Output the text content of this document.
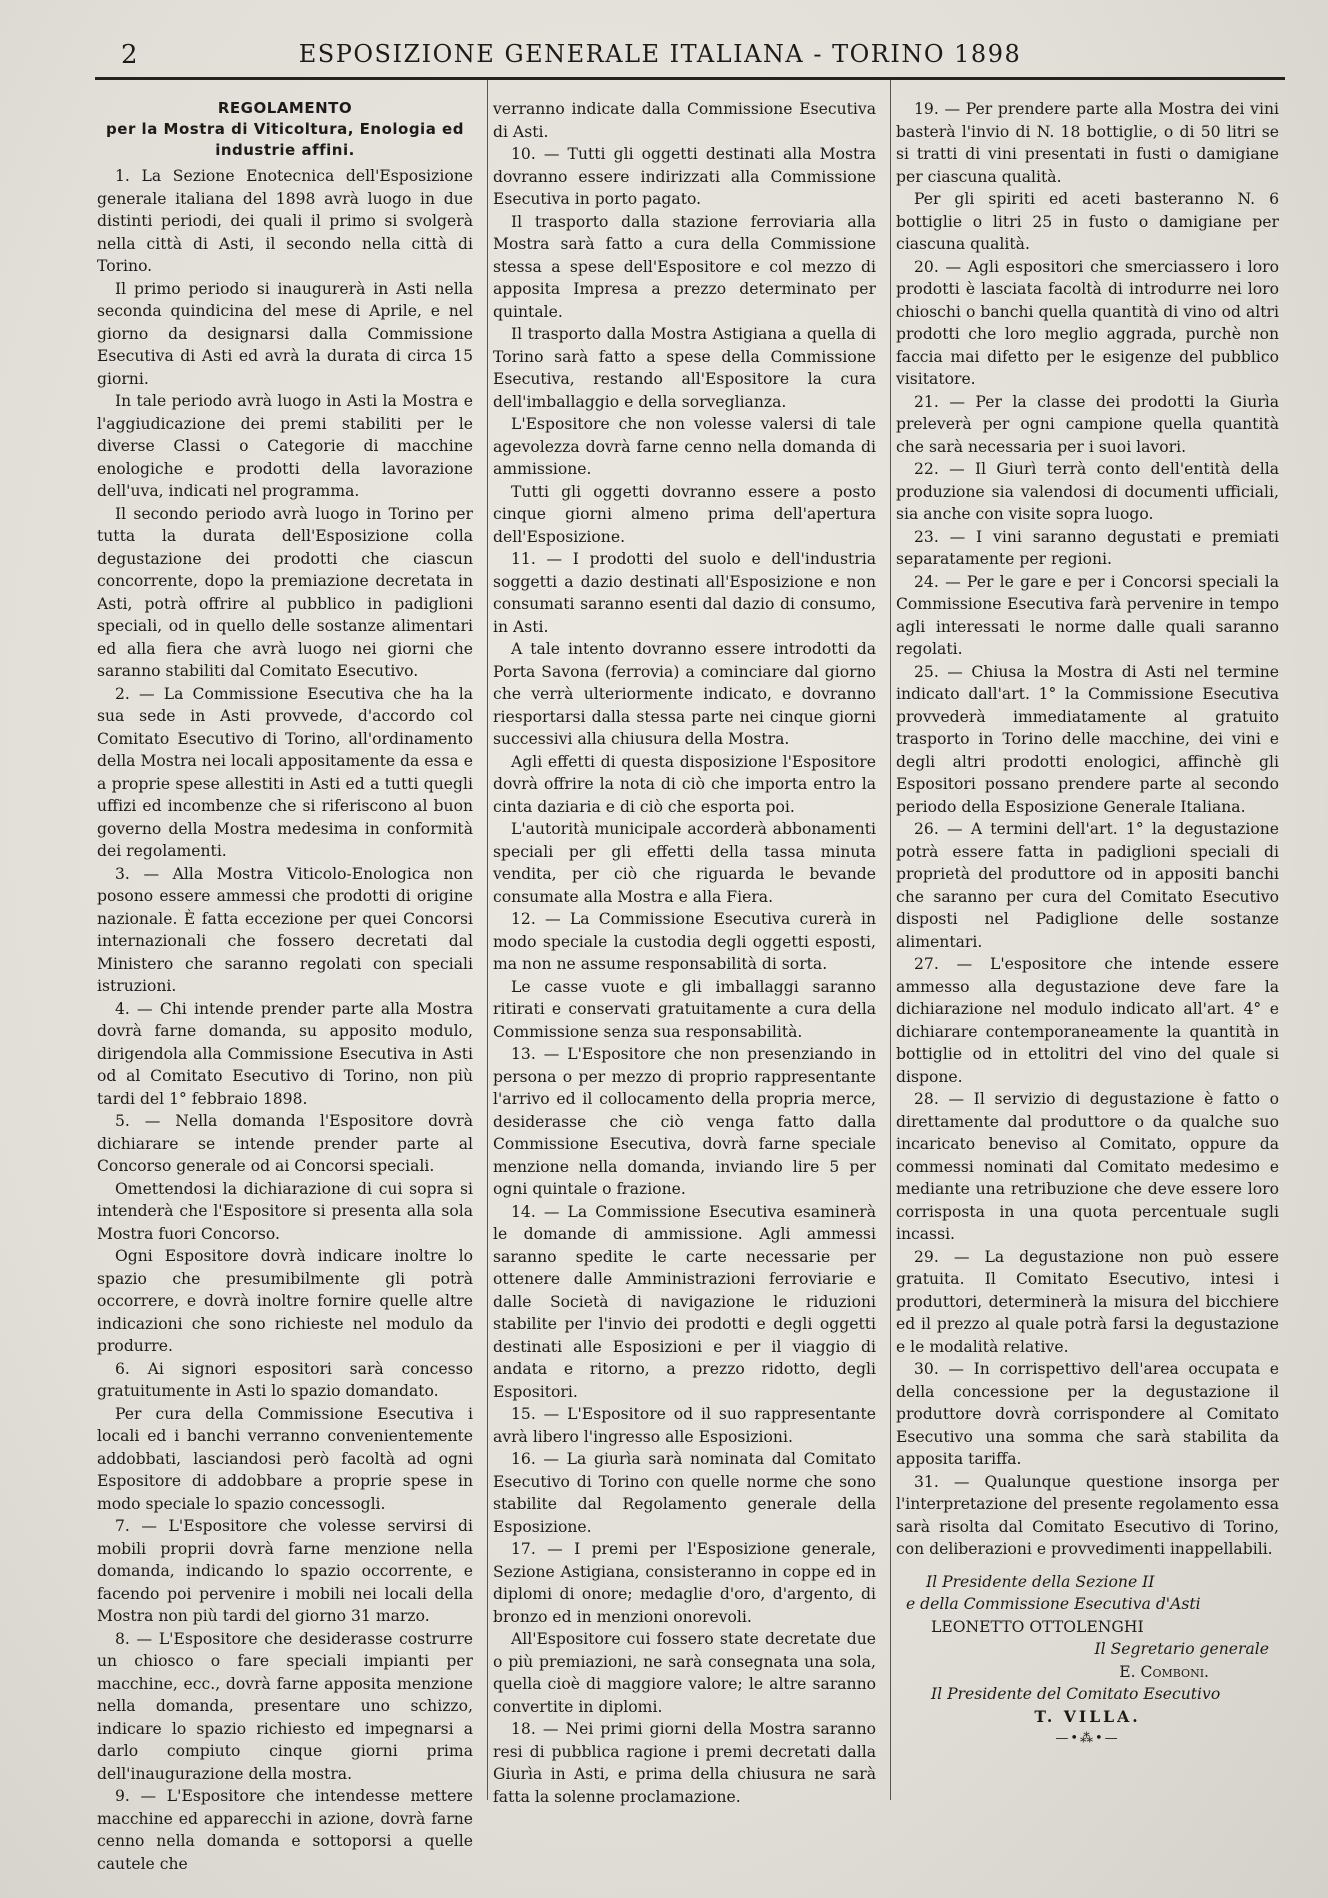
2	ESPOSIZIONE GENERALE ITALIANA - TORINO 1898
REGOLAMENTO
per la Mostra di Viticoltura, Enologia ed industrie affini.

1. La Sezione Enotecnica dell'Esposizione generale italiana del 1898 avrà luogo in due distinti periodi, dei quali il primo si svolgerà nella città di Asti, il secondo nella città di Torino.

Il primo periodo si inaugurerà in Asti nella seconda quindicina del mese di Aprile, e nel giorno da designarsi dalla Commissione Esecutiva di Asti ed avrà la durata di circa 15 giorni.

In tale periodo avrà luogo in Asti la Mostra e l'aggiudicazione dei premi stabiliti per le diverse Classi o Categorie di macchine enologiche e prodotti della lavorazione dell'uva, indicati nel programma.

Il secondo periodo avrà luogo in Torino per tutta la durata dell'Esposizione colla degustazione dei prodotti che ciascun concorrente, dopo la premiazione decretata in Asti, potrà offrire al pubblico in padiglioni speciali, od in quello delle sostanze alimentari ed alla fiera che avrà luogo nei giorni che saranno stabiliti dal Comitato Esecutivo.

2. — La Commissione Esecutiva che ha la sua sede in Asti provvede, d'accordo col Comitato Esecutivo di Torino, all'ordinamento della Mostra nei locali appositamente da essa e a proprie spese allestiti in Asti ed a tutti quegli uffizi ed incombenze che si riferiscono al buon governo della Mostra medesima in conformità dei regolamenti.

3. — Alla Mostra Viticolo-Enologica non posono essere ammessi che prodotti di origine nazionale. È fatta eccezione per quei Concorsi internazionali che fossero decretati dal Ministero che saranno regolati con speciali istruzioni.

4. — Chi intende prender parte alla Mostra dovrà farne domanda, su apposito modulo, dirigendola alla Commissione Esecutiva in Asti od al Comitato Esecutivo di Torino, non più tardi del 1° febbraio 1898.

5. — Nella domanda l'Espositore dovrà dichiarare se intende prender parte al Concorso generale od ai Concorsi speciali.

Omettendosi la dichiarazione di cui sopra si intenderà che l'Espositore si presenta alla sola Mostra fuori Concorso.

Ogni Espositore dovrà indicare inoltre lo spazio che presumibilmente gli potrà occorrere, e dovrà inoltre fornire quelle altre indicazioni che sono richieste nel modulo da produrre.

6. Ai signori espositori sarà concesso gratuitumente in Asti lo spazio domandato.

Per cura della Commissione Esecutiva i locali ed i banchi verranno convenientemente addobbati, lasciandosi però facoltà ad ogni Espositore di addobbare a proprie spese in modo speciale lo spazio concessogli.

7. — L'Espositore che volesse servirsi di mobili proprii dovrà farne menzione nella domanda, indicando lo spazio occorrente, e facendo poi pervenire i mobili nei locali della Mostra non più tardi del giorno 31 marzo.

8. — L'Espositore che desiderasse costrurre un chiosco o fare speciali impianti per macchine, ecc., dovrà farne apposita menzione nella domanda, presentare uno schizzo, indicare lo spazio richiesto ed impegnarsi a darlo compiuto cinque giorni prima dell'inaugurazione della mostra.

9. — L'Espositore che intendesse mettere macchine ed apparecchi in azione, dovrà farne cenno nella domanda e sottoporsi a quelle cautele che

verranno indicate dalla Commissione Esecutiva di Asti.

10. — Tutti gli oggetti destinati alla Mostra dovranno essere indirizzati alla Commissione Esecutiva in porto pagato.

Il trasporto dalla stazione ferroviaria alla Mostra sarà fatto a cura della Commissione stessa a spese dell'Espositore e col mezzo di apposita Impresa a prezzo determinato per quintale.

Il trasporto dalla Mostra Astigiana a quella di Torino sarà fatto a spese della Commissione Esecutiva, restando all'Espositore la cura dell'imballaggio e della sorveglianza.

L'Espositore che non volesse valersi di tale agevolezza dovrà farne cenno nella domanda di ammissione.

Tutti gli oggetti dovranno essere a posto cinque giorni almeno prima dell'apertura dell'Esposizione.

11. — I prodotti del suolo e dell'industria soggetti a dazio destinati all'Esposizione e non consumati saranno esenti dal dazio di consumo, in Asti.

A tale intento dovranno essere introdotti da Porta Savona (ferrovia) a cominciare dal giorno che verrà ulteriormente indicato, e dovranno riesportarsi dalla stessa parte nei cinque giorni successivi alla chiusura della Mostra.

Agli effetti di questa disposizione l'Espositore dovrà offrire la nota di ciò che importa entro la cinta daziaria e di ciò che esporta poi.

L'autorità municipale accorderà abbonamenti speciali per gli effetti della tassa minuta vendita, per ciò che riguarda le bevande consumate alla Mostra e alla Fiera.

12. — La Commissione Esecutiva curerà in modo speciale la custodia degli oggetti esposti, ma non ne assume responsabilità di sorta.

Le casse vuote e gli imballaggi saranno ritirati e conservati gratuitamente a cura della Commissione senza sua responsabilità.

13. — L'Espositore che non presenziando in persona o per mezzo di proprio rappresentante l'arrivo ed il collocamento della propria merce, desiderasse che ciò venga fatto dalla Commissione Esecutiva, dovrà farne speciale menzione nella domanda, inviando lire 5 per ogni quintale o frazione.

14. — La Commissione Esecutiva esaminerà le domande di ammissione. Agli ammessi saranno spedite le carte necessarie per ottenere dalle Amministrazioni ferroviarie e dalle Società di navigazione le riduzioni stabilite per l'invio dei prodotti e degli oggetti destinati alle Esposizioni e per il viaggio di andata e ritorno, a prezzo ridotto, degli Espositori.

15. — L'Espositore od il suo rappresentante avrà libero l'ingresso alle Esposizioni.

16. — La giurìa sarà nominata dal Comitato Esecutivo di Torino con quelle norme che sono stabilite dal Regolamento generale della Esposizione.

17. — I premi per l'Esposizione generale, Sezione Astigiana, consisteranno in coppe ed in diplomi di onore; medaglie d'oro, d'argento, di bronzo ed in menzioni onorevoli.

All'Espositore cui fossero state decretate due o più premiazioni, ne sarà consegnata una sola, quella cioè di maggiore valore; le altre saranno convertite in diplomi.

18. — Nei primi giorni della Mostra saranno resi di pubblica ragione i premi decretati dalla Giurìa in Asti, e prima della chiusura ne sarà fatta la solenne proclamazione.

19. — Per prendere parte alla Mostra dei vini basterà l'invio di N. 18 bottiglie, o di 50 litri se si tratti di vini presentati in fusti o damigiane per ciascuna qualità.

Per gli spiriti ed aceti basteranno N. 6 bottiglie o litri 25 in fusto o damigiane per ciascuna qualità.

20. — Agli espositori che smerciassero i loro prodotti è lasciata facoltà di introdurre nei loro chioschi o banchi quella quantità di vino od altri prodotti che loro meglio aggrada, purchè non faccia mai difetto per le esigenze del pubblico visitatore.

21. — Per la classe dei prodotti la Giurìa preleverà per ogni campione quella quantità che sarà necessaria per i suoi lavori.

22. — Il Giurì terrà conto dell'entità della produzione sia valendosi di documenti ufficiali, sia anche con visite sopra luogo.

23. — I vini saranno degustati e premiati separatamente per regioni.

24. — Per le gare e per i Concorsi speciali la Commissione Esecutiva farà pervenire in tempo agli interessati le norme dalle quali saranno regolati.

25. — Chiusa la Mostra di Asti nel termine indicato dall'art. 1° la Commissione Esecutiva provvederà immediatamente al gratuito trasporto in Torino delle macchine, dei vini e degli altri prodotti enologici, affinchè gli Espositori possano prendere parte al secondo periodo della Esposizione Generale Italiana.

26. — A termini dell'art. 1° la degustazione potrà essere fatta in padiglioni speciali di proprietà del produttore od in appositi banchi che saranno per cura del Comitato Esecutivo disposti nel Padiglione delle sostanze alimentari.

27. — L'espositore che intende essere ammesso alla degustazione deve fare la dichiarazione nel modulo indicato all'art. 4° e dichiarare contemporaneamente la quantità in bottiglie od in ettolitri del vino del quale si dispone.

28. — Il servizio di degustazione è fatto o direttamente dal produttore o da qualche suo incaricato beneviso al Comitato, oppure da commessi nominati dal Comitato medesimo e mediante una retribuzione che deve essere loro corrisposta in una quota percentuale sugli incassi.

29. — La degustazione non può essere gratuita. Il Comitato Esecutivo, intesi i produttori, determinerà la misura del bicchiere ed il prezzo al quale potrà farsi la degustazione e le modalità relative.

30. — In corrispettivo dell'area occupata e della concessione per la degustazione il produttore dovrà corrispondere al Comitato Esecutivo una somma che sarà stabilita da apposita tariffa.

31. — Qualunque questione insorga per l'interpretazione del presente regolamento essa sarà risolta dal Comitato Esecutivo di Torino, con deliberazioni e provvedimenti inappellabili.

Il Presidente della Sezione II

e della Commissione Esecutiva d'Asti

LEONETTO OTTOLENGHI

Il Segretario generale

E. Comboni.

Il Presidente del Comitato Esecutivo

T. VILLA.

—•⁂•—
